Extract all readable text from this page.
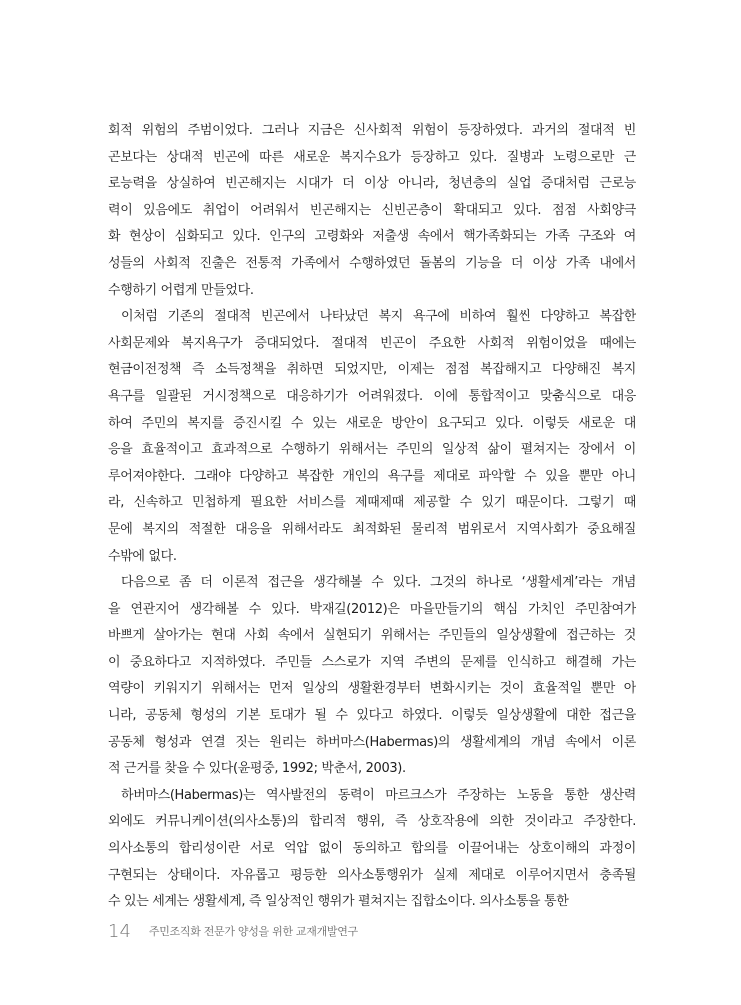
회적 위험의 주범이었다. 그러나 지금은 신사회적 위험이 등장하였다. 과거의 절대적 빈
곤보다는 상대적 빈곤에 따른 새로운 복지수요가 등장하고 있다. 질병과 노령으로만 근
로능력을 상실하여 빈곤해지는 시대가 더 이상 아니라, 청년층의 실업 증대처럼 근로능
력이 있음에도 취업이 어려워서 빈곤해지는 신빈곤층이 확대되고 있다. 점점 사회양극
화 현상이 심화되고 있다. 인구의 고령화와 저출생 속에서 핵가족화되는 가족 구조와 여
성들의 사회적 진출은 전통적 가족에서 수행하였던 돌봄의 기능을 더 이상 가족 내에서
수행하기 어렵게 만들었다.
이처럼 기존의 절대적 빈곤에서 나타났던 복지 욕구에 비하여 훨씬 다양하고 복잡한
사회문제와 복지욕구가 증대되었다. 절대적 빈곤이 주요한 사회적 위험이었을 때에는
현금이전정책 즉 소득정책을 취하면 되었지만, 이제는 점점 복잡해지고 다양해진 복지
욕구를 일괄된 거시정책으로 대응하기가 어려워졌다. 이에 통합적이고 맞춤식으로 대응
하여 주민의 복지를 증진시킬 수 있는 새로운 방안이 요구되고 있다. 이렇듯 새로운 대
응을 효율적이고 효과적으로 수행하기 위해서는 주민의 일상적 삶이 펼쳐지는 장에서 이
루어져야한다. 그래야 다양하고 복잡한 개인의 욕구를 제대로 파악할 수 있을 뿐만 아니
라, 신속하고 민첩하게 필요한 서비스를 제때제때 제공할 수 있기 때문이다. 그렇기 때
문에 복지의 적절한 대응을 위해서라도 최적화된 물리적 범위로서 지역사회가 중요해질
수밖에 없다.
다음으로 좀 더 이론적 접근을 생각해볼 수 있다. 그것의 하나로 ‘생활세계’라는 개념
을 연관지어 생각해볼 수 있다. 박재길(2012)은 마을만들기의 핵심 가치인 주민참여가
바쁘게 살아가는 현대 사회 속에서 실현되기 위해서는 주민들의 일상생활에 접근하는 것
이 중요하다고 지적하였다. 주민들 스스로가 지역 주변의 문제를 인식하고 해결해 가는
역량이 키워지기 위해서는 먼저 일상의 생활환경부터 변화시키는 것이 효율적일 뿐만 아
니라, 공동체 형성의 기본 토대가 될 수 있다고 하였다. 이렇듯 일상생활에 대한 접근을
공동체 형성과 연결 짓는 원리는 하버마스(Habermas)의 생활세계의 개념 속에서 이론
적 근거를 찾을 수 있다(윤평중, 1992; 박춘서, 2003).
하버마스(Habermas)는 역사발전의 동력이 마르크스가 주장하는 노동을 통한 생산력
외에도 커뮤니케이션(의사소통)의 합리적 행위, 즉 상호작용에 의한 것이라고 주장한다.
의사소통의 합리성이란 서로 억압 없이 동의하고 합의를 이끌어내는 상호이해의 과정이
구현되는 상태이다. 자유롭고 평등한 의사소통행위가 실제 제대로 이루어지면서 충족될
수 있는 세계는 생활세계, 즉 일상적인 행위가 펼쳐지는 집합소이다. 의사소통을 통한
14 주민조직화 전문가 양성을 위한 교재개발연구
